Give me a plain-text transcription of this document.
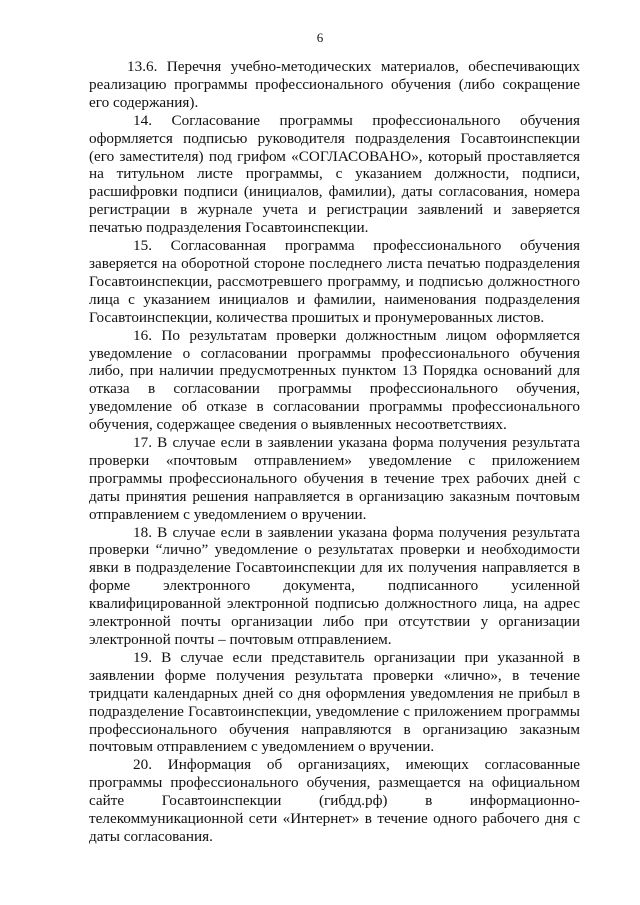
6

13.6. Перечня учебно-методических материалов, обеспечивающих реализацию программы профессионального обучения (либо сокращение его содержания).

14. Согласование программы профессионального обучения оформляется подписью руководителя подразделения Госавтоинспекции (его заместителя) под грифом «СОГЛАСОВАНО», который проставляется на титульном листе программы, с указанием должности, подписи, расшифровки подписи (инициалов, фамилии), даты согласования, номера регистрации в журнале учета и регистрации заявлений и заверяется печатью подразделения Госавтоинспекции.

15. Согласованная программа профессионального обучения заверяется на оборотной стороне последнего листа печатью подразделения Госавтоинспекции, рассмотревшего программу, и подписью должностного лица с указанием инициалов и фамилии, наименования подразделения Госавтоинспекции, количества прошитых и пронумерованных листов.

16. По результатам проверки должностным лицом оформляется уведомление о согласовании программы профессионального обучения либо, при наличии предусмотренных пунктом 13 Порядка оснований для отказа в согласовании программы профессионального обучения, уведомление об отказе в согласовании программы профессионального обучения, содержащее сведения о выявленных несоответствиях.

17. В случае если в заявлении указана форма получения результата проверки «почтовым отправлением» уведомление с приложением программы профессионального обучения в течение трех рабочих дней с даты принятия решения направляется в организацию заказным почтовым отправлением с уведомлением о вручении.

18. В случае если в заявлении указана форма получения результата проверки “лично” уведомление о результатах проверки и необходимости явки в подразделение Госавтоинспекции для их получения направляется в форме электронного документа, подписанного усиленной квалифицированной электронной подписью должностного лица, на адрес электронной почты организации либо при отсутствии у организации электронной почты – почтовым отправлением.

19. В случае если представитель организации при указанной в заявлении форме получения результата проверки «лично», в течение тридцати календарных дней со дня оформления уведомления не прибыл в подразделение Госавтоинспекции, уведомление с приложением программы профессионального обучения направляются в организацию заказным почтовым отправлением с уведомлением о вручении.

20. Информация об организациях, имеющих согласованные программы профессионального обучения, размещается на официальном сайте Госавтоинспекции (гибдд.рф) в информационно-телекоммуникационной сети «Интернет» в течение одного рабочего дня с даты согласования.
